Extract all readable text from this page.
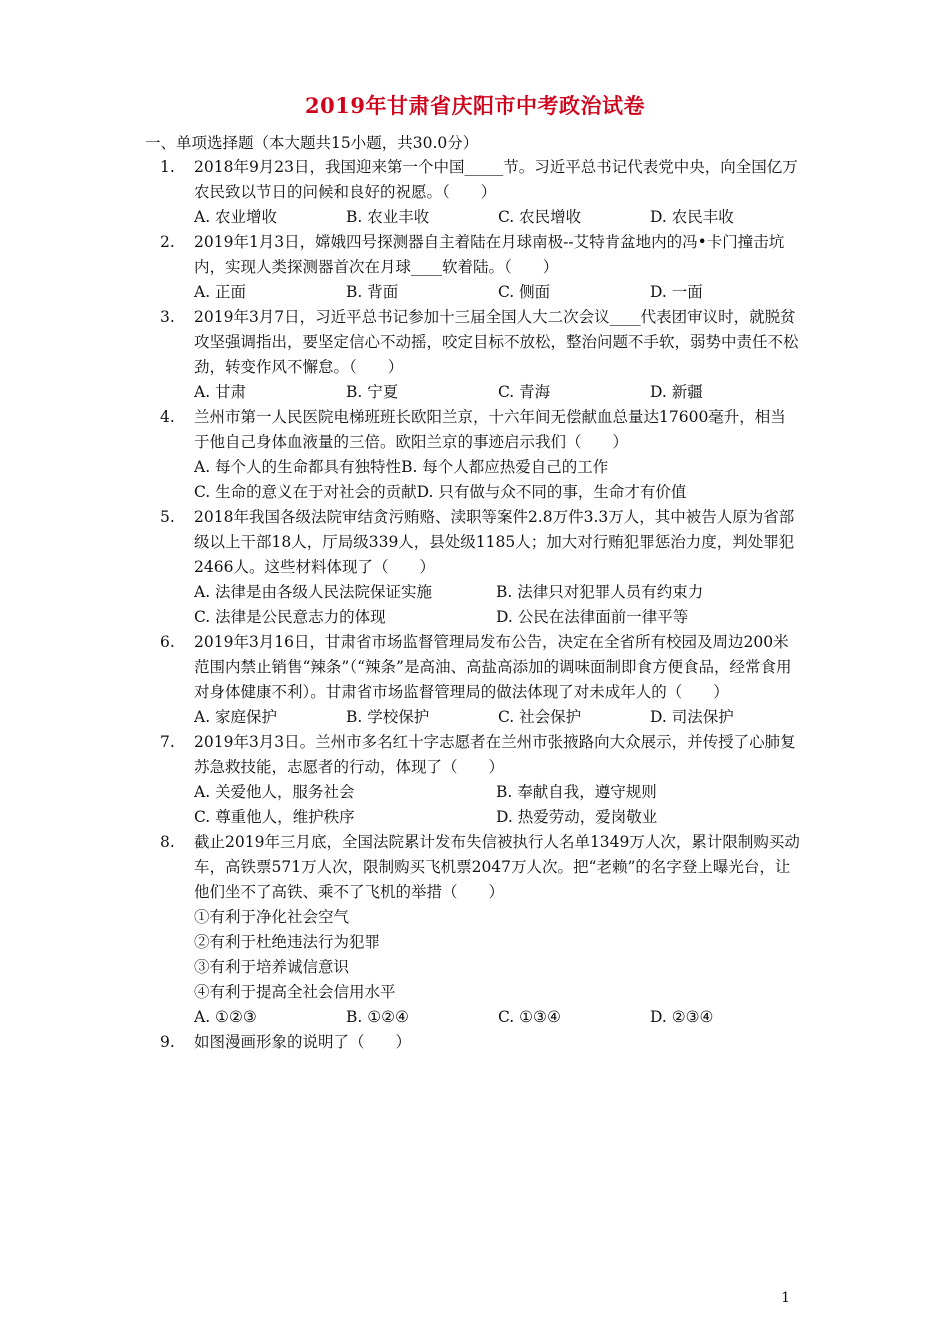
2019年甘肃省庆阳市中考政治试卷
一、单项选择题（本大题共15小题，共30.0分）
1. 2018年9月23日，我国迎来第一个中国_____节。习近平总书记代表党中央，向全国亿万农民致以节日的问候和良好的祝愿。（　　）
A. 农业增收	B. 农业丰收	C. 农民增收	D. 农民丰收
2. 2019年1月3日，嫦娥四号探测器自主着陆在月球南极--艾特肯盆地内的冯•卡门撞击坑内，实现人类探测器首次在月球____软着陆。（　　）
A. 正面	B. 背面	C. 侧面	D. 一面
3. 2019年3月7日，习近平总书记参加十三届全国人大二次会议____代表团审议时，就脱贫攻坚强调指出，要坚定信心不动摇，咬定目标不放松，整治问题不手软，弱势中责任不松劲，转变作风不懈怠。（　　）
A. 甘肃	B. 宁夏	C. 青海	D. 新疆
4. 兰州市第一人民医院电梯班班长欧阳兰京，十六年间无偿献血总量达17600毫升，相当于他自己身体血液量的三倍。欧阳兰京的事迹启示我们（　　）
A. 每个人的生命都具有独特性B. 每个人都应热爱自己的工作C. 生命的意义在于对社会的贡献D. 只有做与众不同的事，生命才有价值
5. 2018年我国各级法院审结贪污贿赂、渎职等案件2.8万件3.3万人，其中被告人原为省部级以上干部18人，厅局级339人，县处级1185人；加大对行贿犯罪惩治力度，判处罪犯2466人。这些材料体现了（　　）
A. 法律是由各级人民法院保证实施	B. 法律只对犯罪人员有约束力
C. 法律是公民意志力的体现	D. 公民在法律面前一律平等
6. 2019年3月16日，甘肃省市场监督管理局发布公告，决定在全省所有校园及周边200米范围内禁止销售“辣条”（“辣条”是高油、高盐高添加的调味面制即食方便食品，经常食用对身体健康不利）。甘肃省市场监督管理局的做法体现了对未成年人的（　　）
A. 家庭保护	B. 学校保护	C. 社会保护	D. 司法保护
7. 2019年3月3日。兰州市多名红十字志愿者在兰州市张掖路向大众展示，并传授了心肺复苏急救技能，志愿者的行动，体现了（　　）
A. 关爱他人，服务社会	B. 奉献自我，遵守规则
C. 尊重他人，维护秩序	D. 热爱劳动，爱岗敬业
8. 截止2019年三月底，全国法院累计发布失信被执行人名单1349万人次，累计限制购买动车，高铁票571万人次，限制购买飞机票2047万人次。把“老赖”的名字登上曝光台，让他们坐不了高铁、乘不了飞机的举措（　　）
①有利于净化社会空气
②有利于杜绝违法行为犯罪
③有利于培养诚信意识
④有利于提高全社会信用水平
A. ①②③	B. ①②④	C. ①③④	D. ②③④
9. 如图漫画形象的说明了（　　）
1
